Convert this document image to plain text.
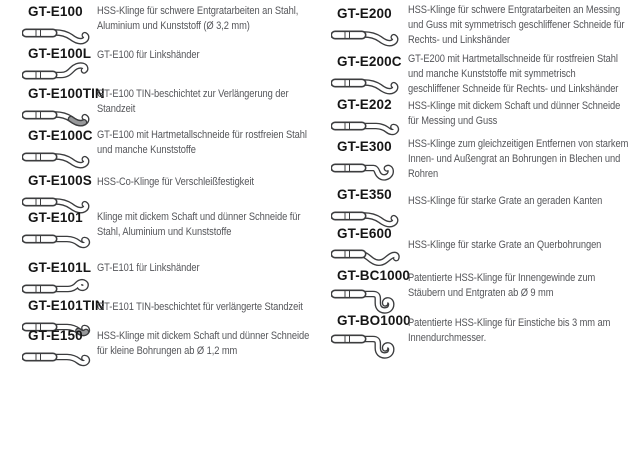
GT-E100 HSS-Klinge für schwere Entgratarbeiten an Stahl, Aluminium und Kunststoff (Ø 3,2 mm)

GT-E100L GT-E100 für Linkshänder

GT-E100TIN

GT-E100 TIN-beschichtet zur Verlängerung der Standzeit

GT-E100C GT-E100 mit Hartmetallschneide für rostfreien Stahl und manche Kunststoffe

GT-E100S HSS-Co-Klinge für Verschleißfestigkeit

GT-E101 Klinge mit dickem Schaft und dünner Schneide für Stahl, Aluminium und Kunststoffe

GT-E101L GT-E101 für Linkshänder

GT-E101TIN

GT-E101 TIN-beschichtet für verlängerte Standzeit

GT-E150 HSS-Klinge mit dickem Schaft und dünner Schneide für kleine Bohrungen ab Ø 1,2 mm

GT-E200 HSS-Klinge für schwere Entgratarbeiten an Messing und Guss mit symmetrisch geschliffener Schneide für Rechts- und Linkshänder

GT-E200C GT-E200 mit Hartmetallschneide für rostfreien Stahl und manche Kunststoffe mit symmetrisch geschliffener Schneide für Rechts- und Linkshänder

GT-E202 HSS-Klinge mit dickem Schaft und dünner Schneide für Messing und Guss

GT-E300 HSS-Klinge zum gleichzeitigen Entfernen von starkem Innen- und Außengrat an Bohrungen in Blechen und Rohren

GT-E350 HSS-Klinge für starke Grate an geraden Kanten

GT-E600

HSS-Klinge für starke Grate an Querbohrungen

GT-BC1000

Patentierte HSS-Klinge für Innengewinde zum Stäubern und Entgraten ab Ø 9 mm

GT-BO1000

Patentierte HSS-Klinge für Einstiche bis 3 mm am Innendurchmesser.
